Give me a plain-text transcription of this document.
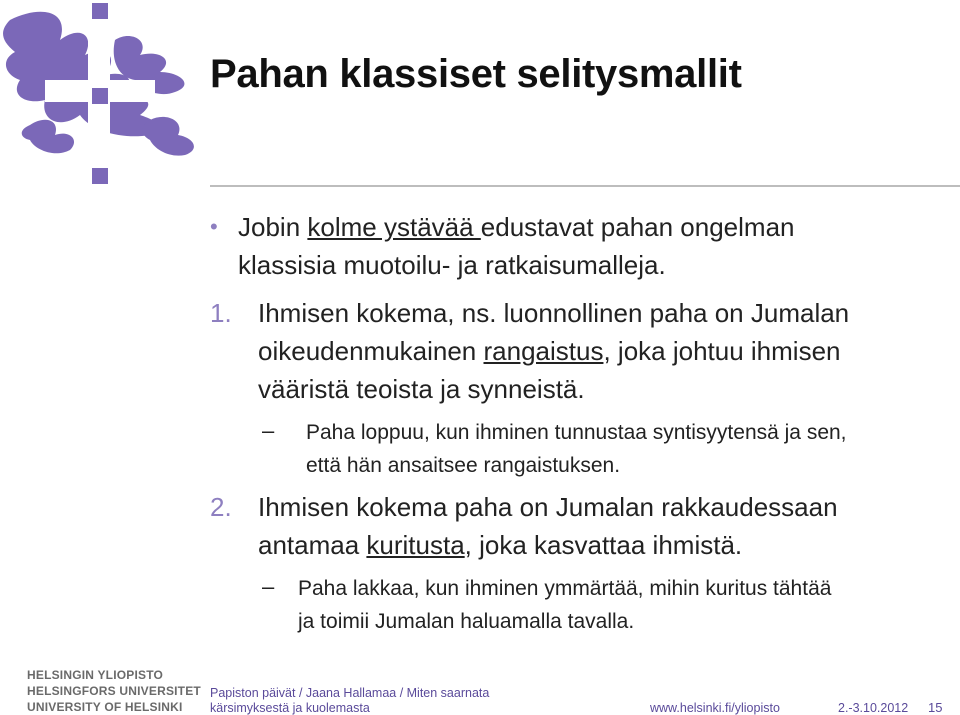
Pahan klassiset selitysmallit
• Jobin kolme ystävää edustavat pahan ongelman
klassisia muotoilu- ja ratkaisumalleja.
1. Ihmisen kokema, ns. luonnollinen paha on Jumalan
oikeudenmukainen rangaistus, joka johtuu ihmisen
vääristä teoista ja synneistä.
– Paha loppuu, kun ihminen tunnustaa syntisyytensä ja sen,
että hän ansaitsee rangaistuksen.
2. Ihmisen kokema paha on Jumalan rakkaudessaan
antamaa kuritusta, joka kasvattaa ihmistä.
– Paha lakkaa, kun ihminen ymmärtää, mihin kuritus tähtää
ja toimii Jumalan haluamalla tavalla.
HELSINGIN YLIOPISTO
HELSINGFORS UNIVERSITET
UNIVERSITY OF HELSINKI
Papiston päivät / Jaana Hallamaa / Miten saarnata
kärsimyksestä ja kuolemasta	www.helsinki.fi/yliopisto	2.-3.10.2012 15
